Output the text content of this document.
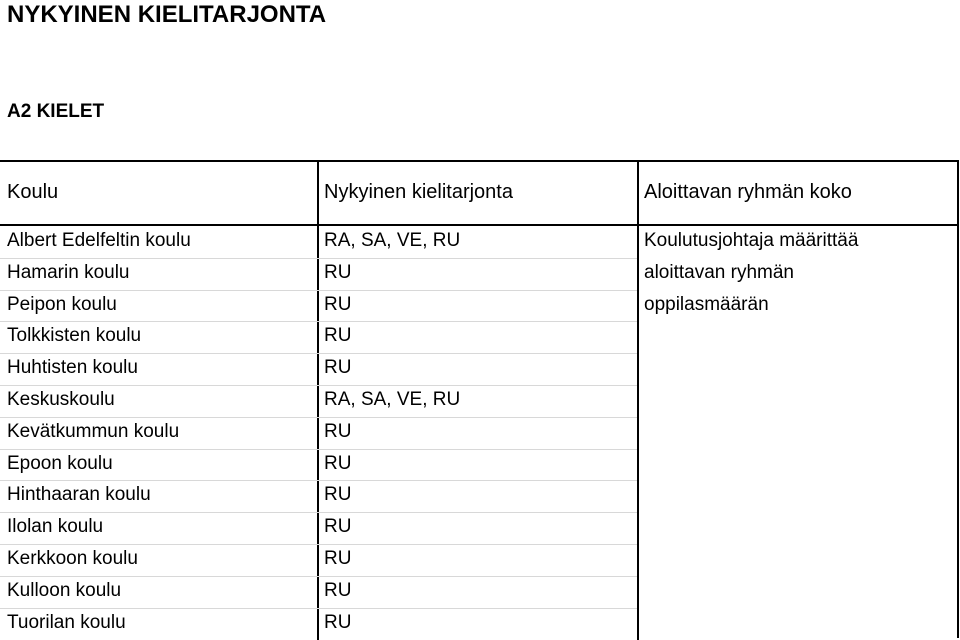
NYKYINEN KIELITARJONTA
A2 KIELET
Koulu	Nykyinen kielitarjonta	Aloittavan ryhmän koko
Albert Edelfeltin koulu	RA, SA, VE, RU
Hamarin koulu	RU
Peipon koulu	RU
Tolkkisten koulu	RU
Huhtisten koulu	RU
Keskuskoulu	RA, SA, VE, RU
Kevätkummun koulu	RU
Epoon koulu	RU
Hinthaaran koulu	RU
Ilolan koulu	RU
Kerkkoon koulu	RU
Kulloon koulu	RU
Tuorilan koulu	RU
Koulutusjohtaja määrittää
aloittavan ryhmän
oppilasmäärän
